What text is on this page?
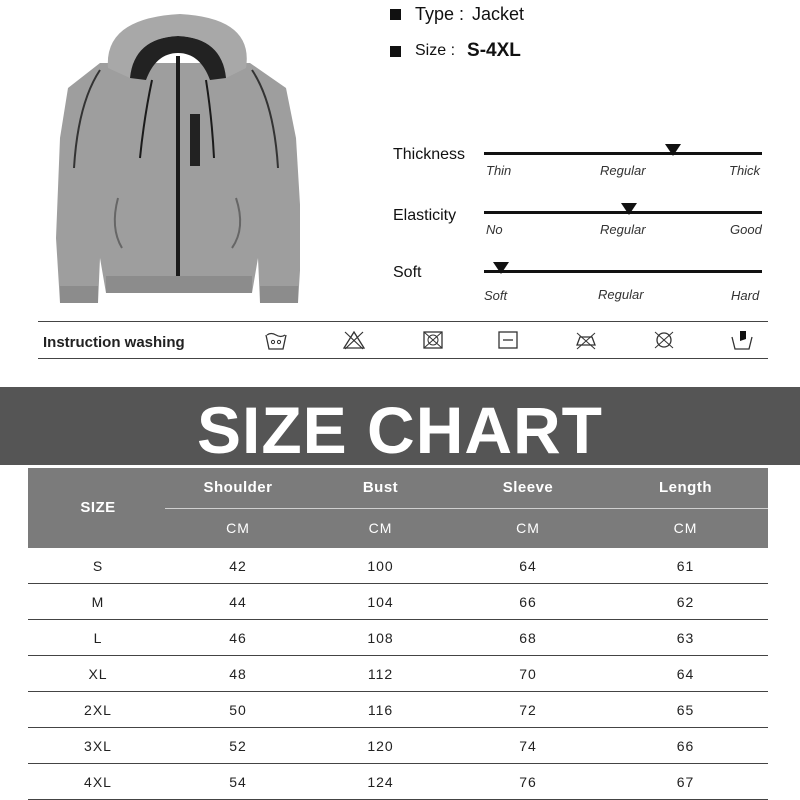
Type : Jacket
Size : S-4XL
Thickness
Thin	Regular	Thick
Elasticity
No	Regular	Good
Soft
Soft	Regular	Hard
Instruction washing
SIZE CHART
SIZE
Shoulder	Bust	Sleeve	Length
CM	CM	CM	CM
S	42	100	64	61
M	44	104	66	62
L	46	108	68	63
XL	48	112	70	64
2XL	50	116	72	65
3XL	52	120	74	66
4XL	54	124	76	67
